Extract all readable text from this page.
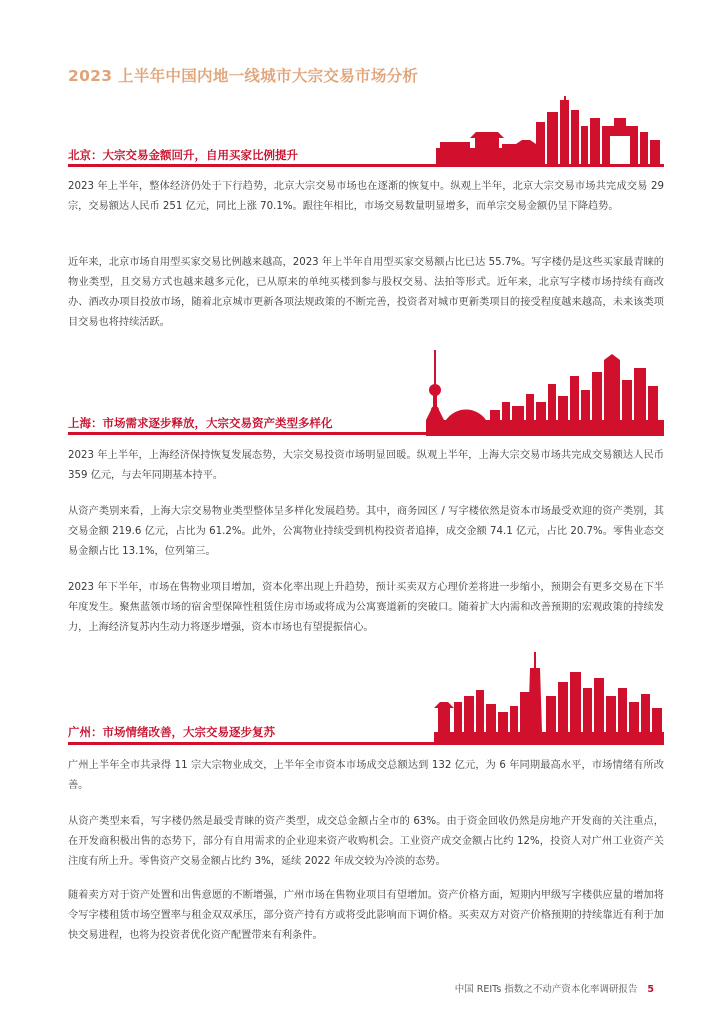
2023 上半年中国内地一线城市大宗交易市场分析
北京：大宗交易金额回升，自用买家比例提升

2023 年上半年，整体经济仍处于下行趋势，北京大宗交易市场也在逐渐的恢复中。纵观上半年，北京大宗交易市场共完成交易 29 宗，交易额达人民币 251 亿元，同比上涨 70.1%。跟往年相比，市场交易数量明显增多，而单宗交易金额仍呈下降趋势。

近年来，北京市场自用型买家交易比例越来越高，2023 年上半年自用型买家交易额占比已达 55.7%。写字楼仍是这些买家最青睐的物业类型，且交易方式也越来越多元化，已从原来的单纯买楼到参与股权交易、法拍等形式。近年来，北京写字楼市场持续有商改办、酒改办项目投放市场，随着北京城市更新各项法规政策的不断完善，投资者对城市更新类项目的接受程度越来越高，未来该类项目交易也将持续活跃。

上海：市场需求逐步释放，大宗交易资产类型多样化

2023 年上半年，上海经济保持恢复发展态势，大宗交易投资市场明显回暖。纵观上半年，上海大宗交易市场共完成交易额达人民币 359 亿元，与去年同期基本持平。

从资产类别来看，上海大宗交易物业类型整体呈多样化发展趋势。其中，商务园区 / 写字楼依然是资本市场最受欢迎的资产类别，其交易金额 219.6 亿元，占比为 61.2%。此外，公寓物业持续受到机构投资者追捧，成交金额 74.1 亿元，占比 20.7%。零售业态交易金额占比 13.1%，位列第三。

2023 年下半年，市场在售物业项目增加，资本化率出现上升趋势，预计买卖双方心理价差将进一步缩小，预期会有更多交易在下半年度发生。聚焦蓝领市场的宿舍型保障性租赁住房市场或将成为公寓赛道新的突破口。随着扩大内需和改善预期的宏观政策的持续发力，上海经济复苏内生动力将逐步增强，资本市场也有望提振信心。

广州：市场情绪改善，大宗交易逐步复苏

广州上半年全市共录得 11 宗大宗物业成交，上半年全市资本市场成交总额达到 132 亿元，为 6 年同期最高水平，市场情绪有所改善。

从资产类型来看，写字楼仍然是最受青睐的资产类型，成交总金额占全市的 63%。由于资金回收仍然是房地产开发商的关注重点，在开发商积极出售的态势下，部分有自用需求的企业迎来资产收购机会。工业资产成交金额占比约 12%，投资人对广州工业资产关注度有所上升。零售资产交易金额占比约 3%，延续 2022 年成交较为冷淡的态势。

随着卖方对于资产处置和出售意愿的不断增强，广州市场在售物业项目有望增加。资产价格方面，短期内甲级写字楼供应量的增加将令写字楼租赁市场空置率与租金双双承压，部分资产持有方或将受此影响而下调价格。买卖双方对资产价格预期的持续靠近有利于加快交易进程，也将为投资者优化资产配置带来有利条件。

中国 REITs 指数之不动产资本化率调研报告 5
